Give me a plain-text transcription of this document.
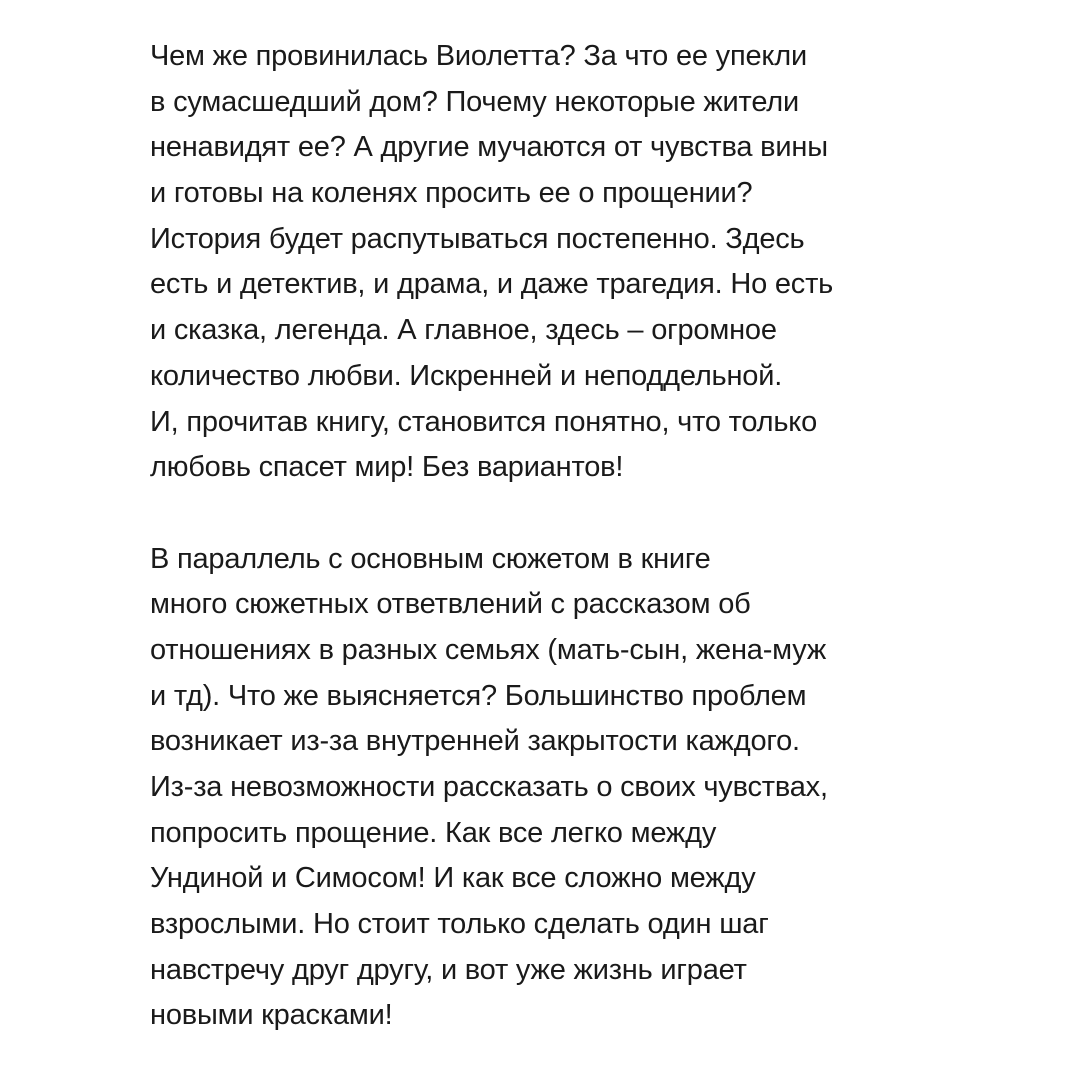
Чем же провинилась Виолетта? За что ее упекли
в сумасшедший дом? Почему некоторые жители
ненавидят ее? А другие мучаются от чувства вины
и готовы на коленях просить ее о прощении?
История будет распутываться постепенно. Здесь
есть и детектив, и драма, и даже трагедия. Но есть
и сказка, легенда. А главное, здесь – огромное
количество любви. Искренней и неподдельной.
И, прочитав книгу, становится понятно, что только
любовь спасет мир! Без вариантов!
В параллель с основным сюжетом в книге
много сюжетных ответвлений с рассказом об
отношениях в разных семьях (мать-сын, жена-муж
и тд). Что же выясняется? Большинство проблем
возникает из-за внутренней закрытости каждого.
Из-за невозможности рассказать о своих чувствах,
попросить прощение. Как все легко между
Ундиной и Симосом! И как все сложно между
взрослыми. Но стоит только сделать один шаг
навстречу друг другу, и вот уже жизнь играет
новыми красками!
